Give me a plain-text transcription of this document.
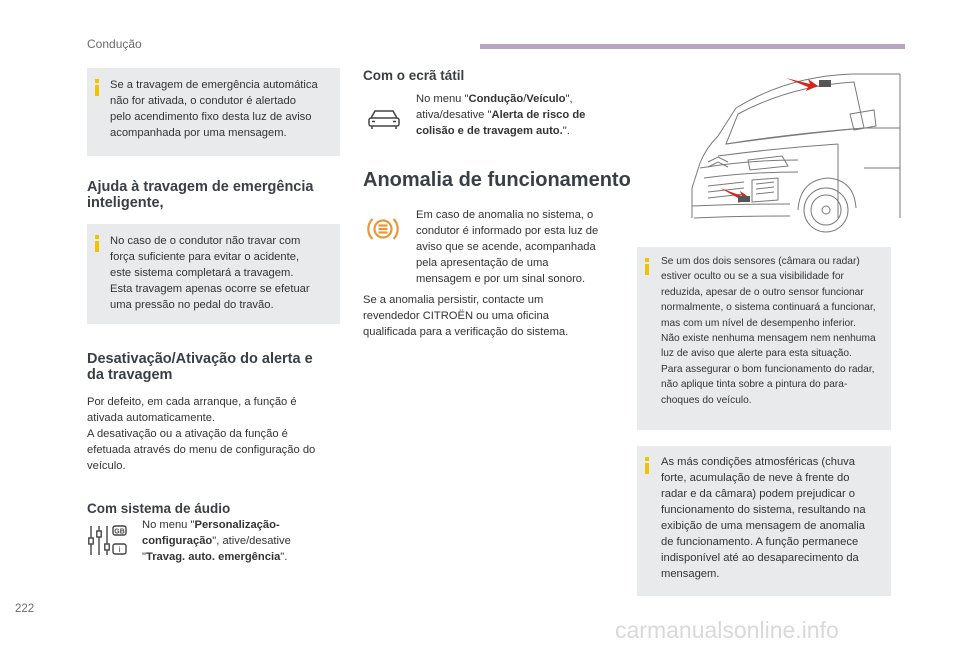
Condução
Se a travagem de emergência automática
não for ativada, o condutor é alertado
pelo acendimento fixo desta luz de aviso
acompanhada por uma mensagem.
Ajuda à travagem de emergência
inteligente,
No caso de o condutor não travar com
força suficiente para evitar o acidente,
este sistema completará a travagem.
Esta travagem apenas ocorre se efetuar
uma pressão no pedal do travão.
Desativação/Ativação do alerta e
da travagem
Por defeito, em cada arranque, a função é
ativada automaticamente.
A desativação ou a ativação da função é
efetuada através do menu de configuração do
veículo.
Com sistema de áudio
GB
i
No menu "Personalização-
configuração", ative/desative
"Travag. auto. emergência".
Com o ecrã tátil
No menu "Condução/Veículo",
ativa/desative "Alerta de risco de
colisão e de travagem auto.".
Anomalia de funcionamento
Em caso de anomalia no sistema, o
condutor é informado por esta luz de
aviso que se acende, acompanhada
pela apresentação de uma
mensagem e por um sinal sonoro.
Se a anomalia persistir, contacte um
revendedor CITROËN ou uma oficina
qualificada para a verificação do sistema.
Se um dos dois sensores (câmara ou radar)
estiver oculto ou se a sua visibilidade for
reduzida, apesar de o outro sensor funcionar
normalmente, o sistema continuará a funcionar,
mas com um nível de desempenho inferior.
Não existe nenhuma mensagem nem nenhuma
luz de aviso que alerte para esta situação.
Para assegurar o bom funcionamento do radar,
não aplique tinta sobre a pintura do para-
choques do veículo.
As más condições atmosféricas (chuva
forte, acumulação de neve à frente do
radar e da câmara) podem prejudicar o
funcionamento do sistema, resultando na
exibição de uma mensagem de anomalia
de funcionamento. A função permanece
indisponível até ao desaparecimento da
mensagem.
222
carmanualsonline.info
